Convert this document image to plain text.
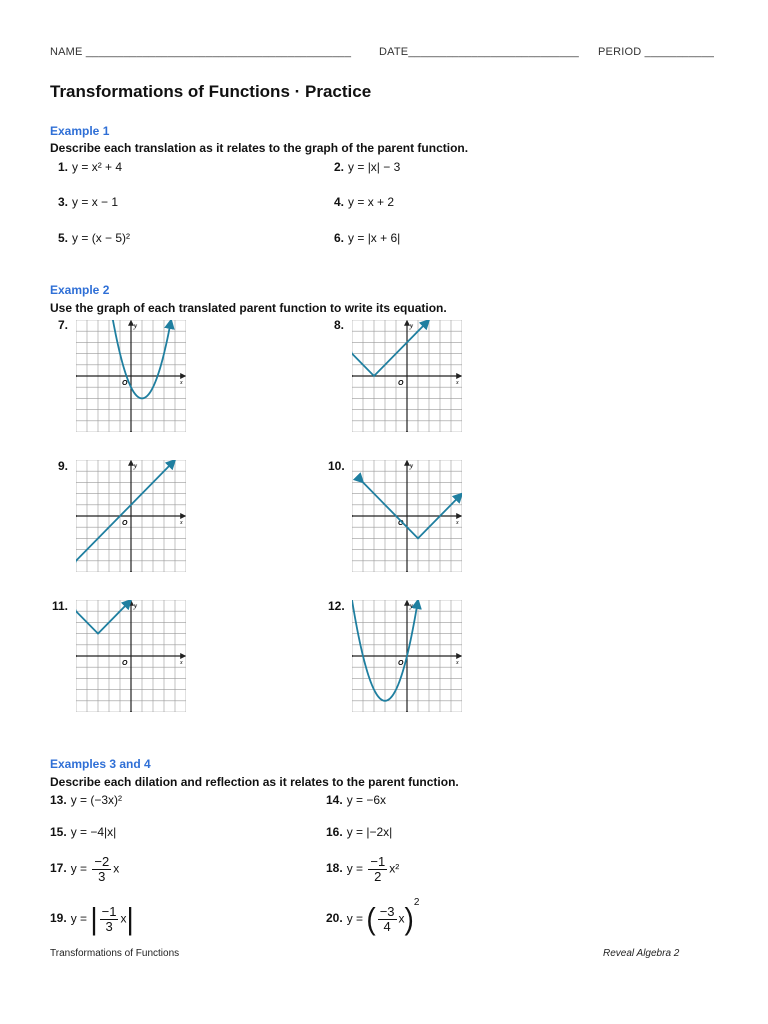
NAME __________________________________________	DATE___________________________ PERIOD ___________
Transformations of Functions · Practice
Example 1
Describe each translation as it relates to the graph of the parent function.
1. y = x² + 4	2. y = |x| − 3
3. y = x − 1	4. y = x + 2
5. y = (x − 5)²	6. y = |x + 6|
Example 2
Use the graph of each translated parent function to write its equation.
7.
x
y
O
8.
x
y
O
9.
x
y
O
10.
x
y
O
11.
x
y
O
12.
x
y
O
Examples 3 and 4
Describe each dilation and reflection as it relates to the parent function.
13. y = (−3x)²	14. y = −6x
15. y = −4|x|	16. y = |−2x|
17. $y = \frac{-2}{3}$ x	18. $y = \frac{-1}{2} x^2$
19. y = | $\frac{-1}{3} x|$	20. y = ( $\frac{-3}{4} x)^2$
Transformations of Functions	Reveal Algebra 2
